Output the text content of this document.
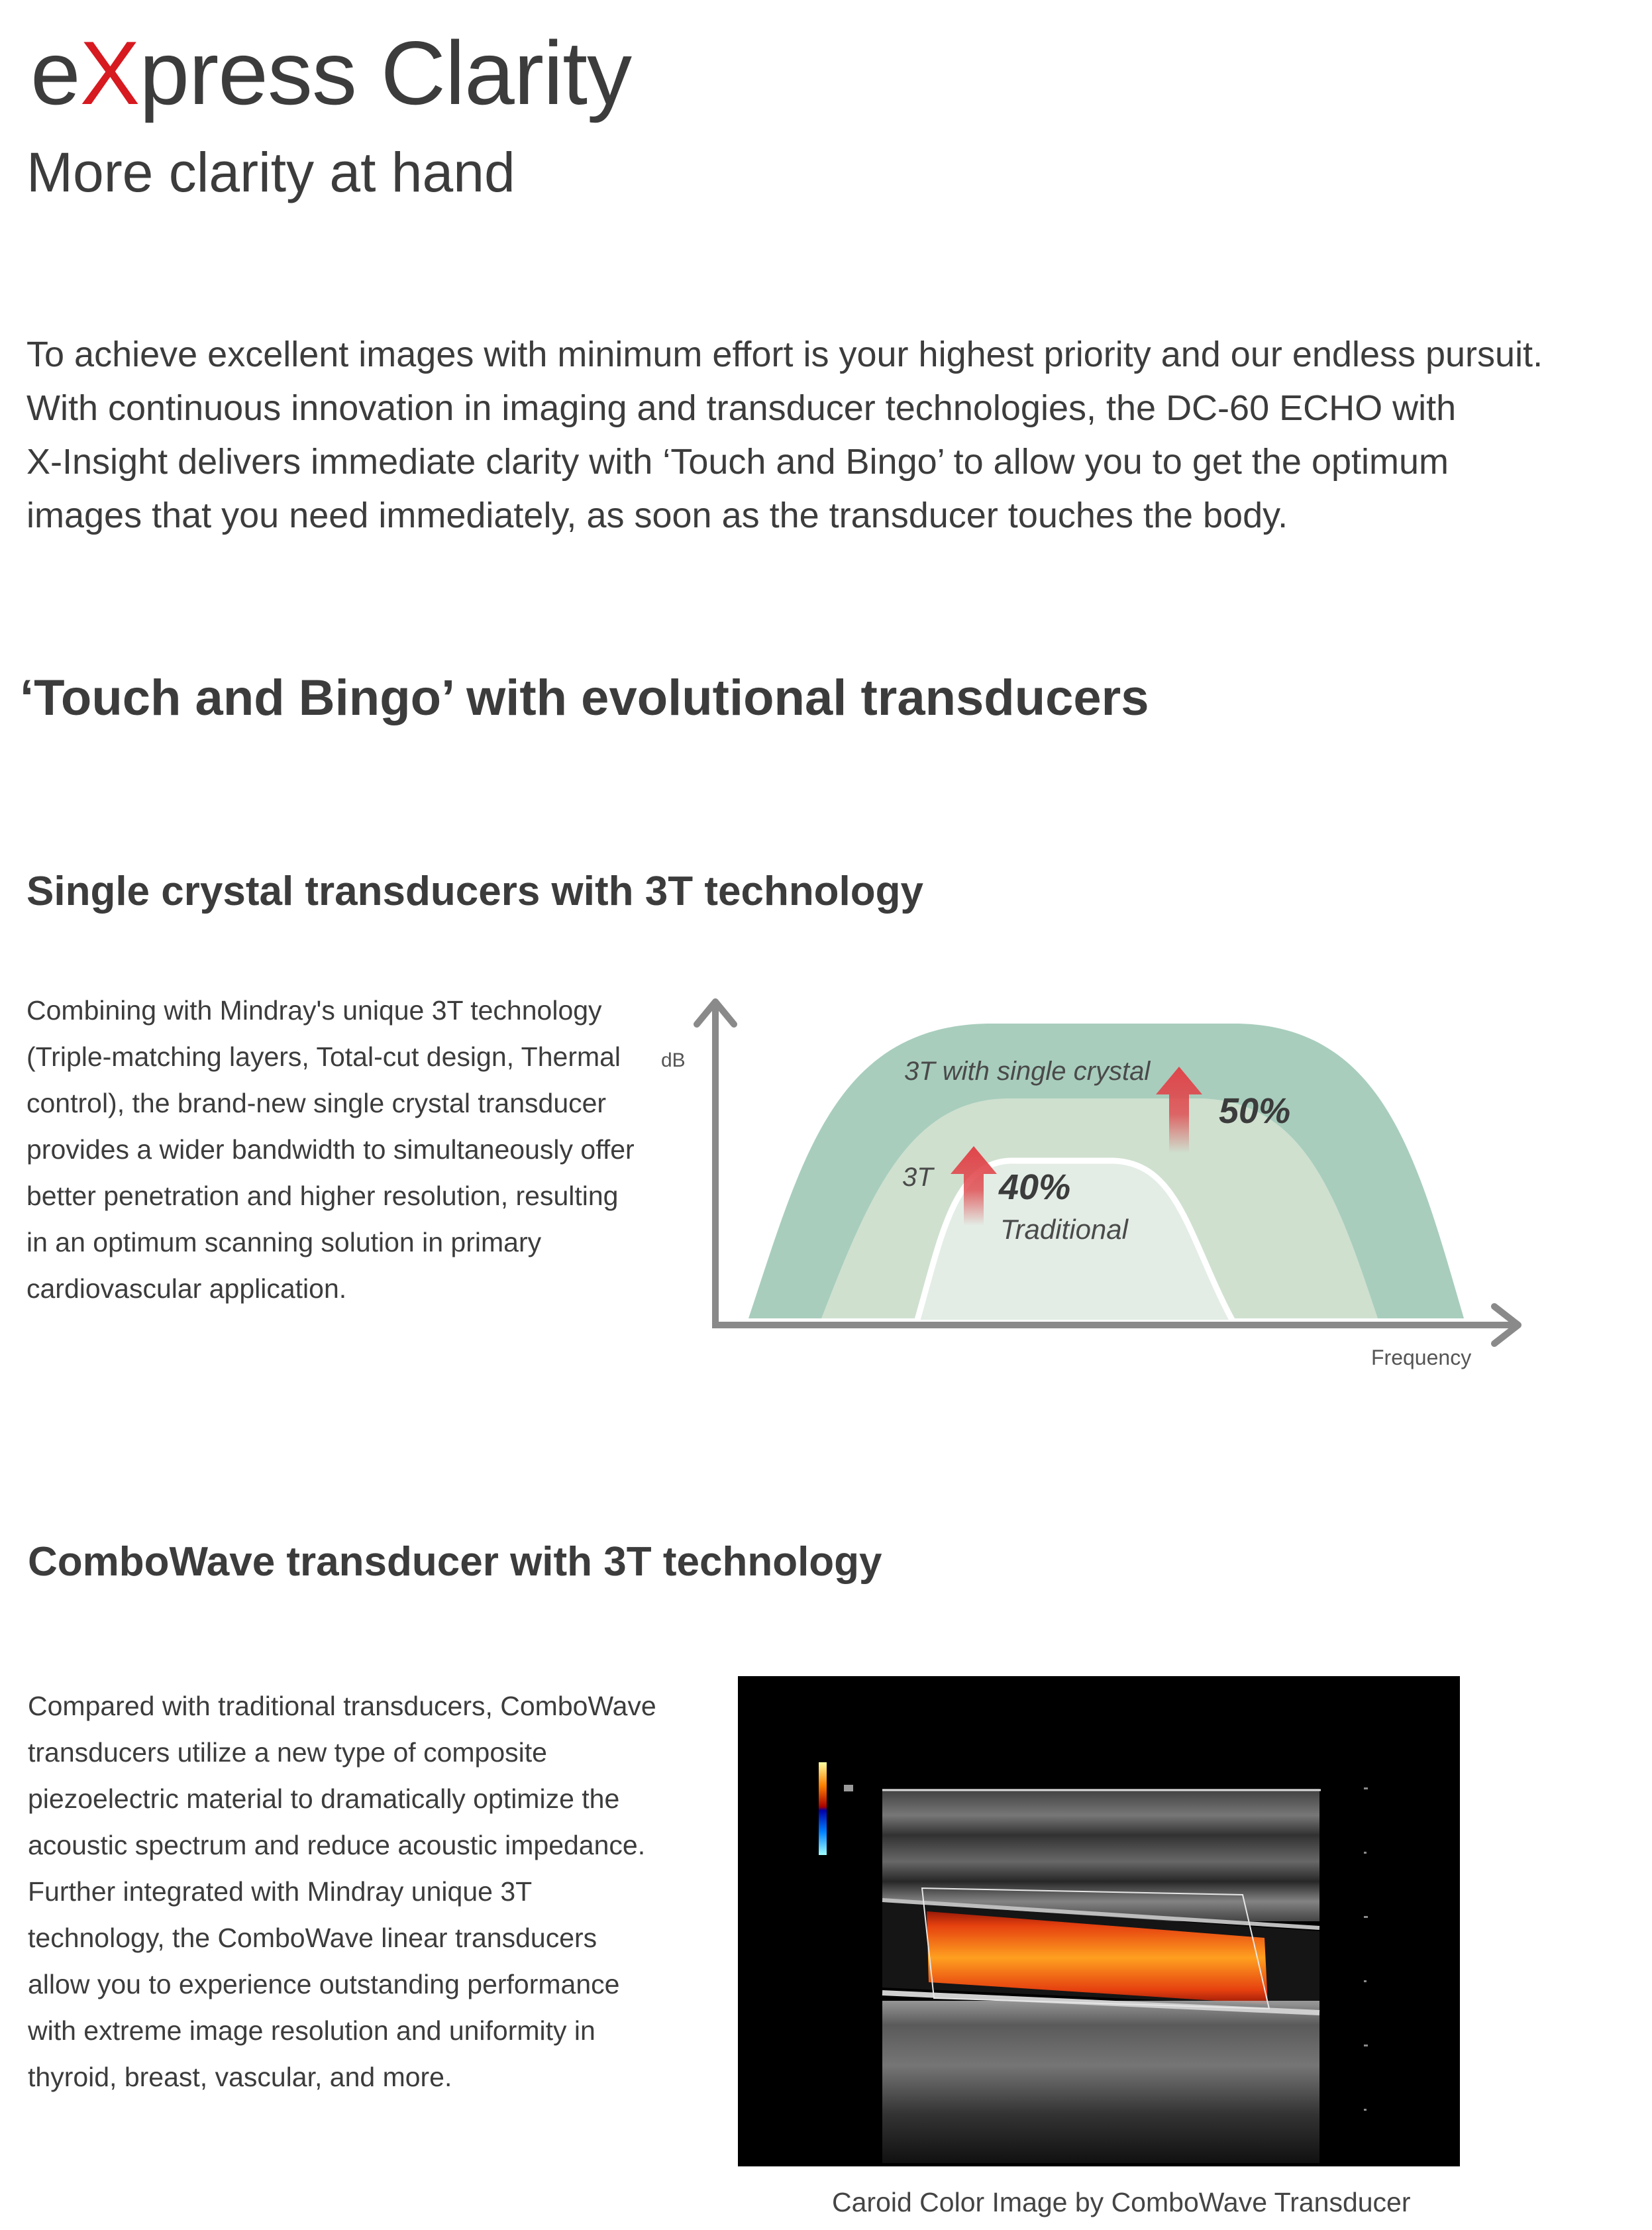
eXpress Clarity
More clarity at hand
To achieve excellent images with minimum effort is your highest priority and our endless pursuit.
With continuous innovation in imaging and transducer technologies, the DC-60 ECHO with
X-Insight delivers immediate clarity with ‘Touch and Bingo’ to allow you to get the optimum
images that you need immediately, as soon as the transducer touches the body.
‘Touch and Bingo’ with evolutional transducers
Single crystal transducers with 3T technology
Combining with Mindray's unique 3T technology
(Triple-matching layers, Total-cut design, Thermal
control), the brand-new single crystal transducer
provides a wider bandwidth to simultaneously offer
better penetration and higher resolution, resulting
in an optimum scanning solution in primary
cardiovascular application.
dB
Frequency
3T with single crystal
3T
Traditional
50%
40%
ComboWave transducer with 3T technology
Compared with traditional transducers, ComboWave
transducers utilize a new type of composite
piezoelectric material to dramatically optimize the
acoustic spectrum and reduce acoustic impedance.
Further integrated with Mindray unique 3T
technology, the ComboWave linear transducers
allow you to experience outstanding performance
with extreme image resolution and uniformity in
thyroid, breast, vascular, and more.
Caroid Color Image by ComboWave Transducer
